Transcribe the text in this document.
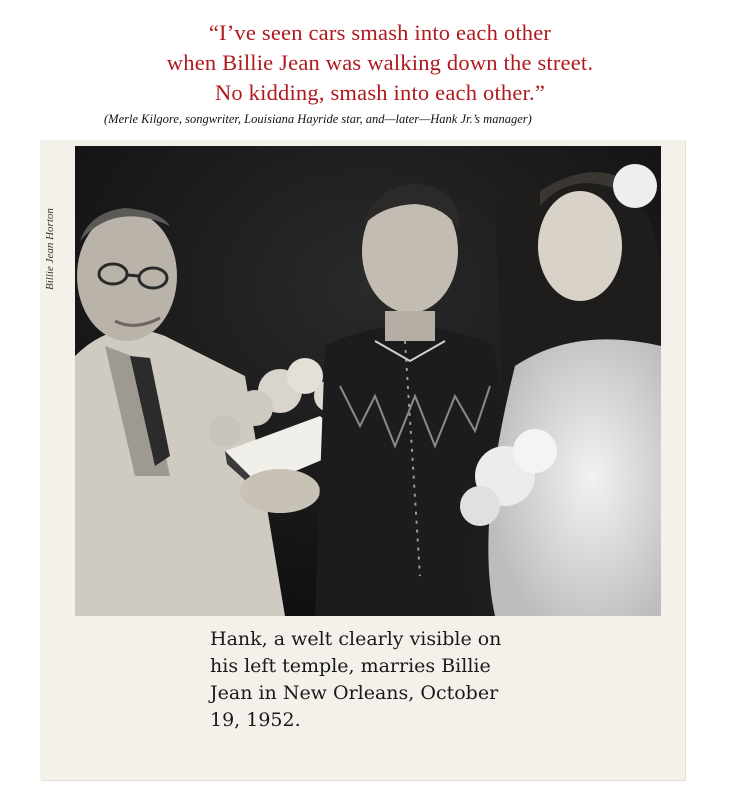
“I’ve seen cars smash into each other
when Billie Jean was walking down the street.
No kidding, smash into each other.”
(Merle Kilgore, songwriter, Louisiana Hayride star, and—later—Hank Jr.’s manager)
Billie Jean Horton
Hank, a welt clearly visible on
his left temple, marries Billie
Jean in New Orleans, October
19, 1952.
